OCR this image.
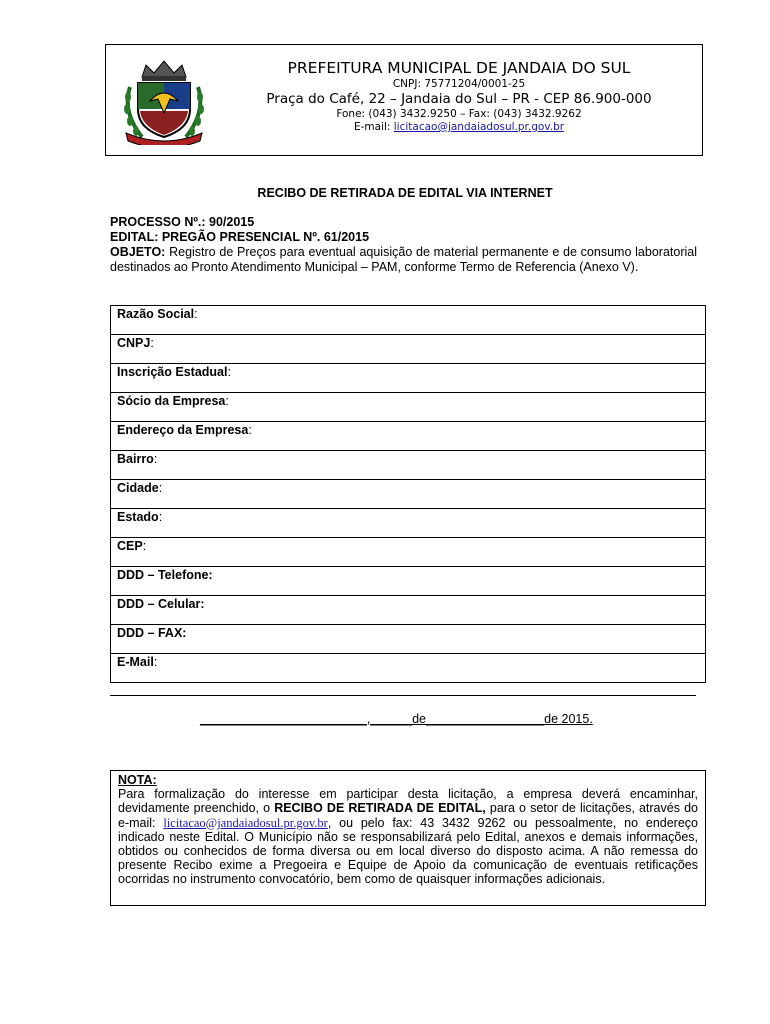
PREFEITURA MUNICIPAL DE JANDAIA DO SUL
CNPJ: 75771204/0001-25
Praça do Café, 22 – Jandaia do Sul – PR - CEP 86.900-000
Fone: (043) 3432.9250 – Fax: (043) 3432.9262
E-mail: licitacao@jandaiadosul.pr.gov.br
RECIBO DE RETIRADA DE EDITAL VIA INTERNET
PROCESSO Nº.: 90/2015
EDITAL: PREGÃO PRESENCIAL Nº. 61/2015
OBJETO: Registro de Preços para eventual aquisição de material permanente e de consumo laboratorial destinados ao Pronto Atendimento Municipal – PAM, conforme Termo de Referencia (Anexo V).
Razão Social:
CNPJ:
Inscrição Estadual:
Sócio da Empresa:
Endereço da Empresa:
Bairro:
Cidade:
Estado:
CEP:
DDD – Telefone:
DDD – Celular:
DDD – FAX:
E-Mail:
________________________,______de_________________de 2015.
NOTA:
Para formalização do interesse em participar desta licitação, a empresa deverá encaminhar, devidamente preenchido, o RECIBO DE RETIRADA DE EDITAL, para o setor de licitações, através do e-mail: licitacao@jandaiadosul.pr.gov.br, ou pelo fax: 43 3432 9262 ou pessoalmente, no endereço indicado neste Edital. O Município não se responsabilizará pelo Edital, anexos e demais informações, obtidos ou conhecidos de forma diversa ou em local diverso do disposto acima. A não remessa do presente Recibo exime a Pregoeira e Equipe de Apoio da comunicação de eventuais retificações ocorridas no instrumento convocatório, bem como de quaisquer informações adicionais.
